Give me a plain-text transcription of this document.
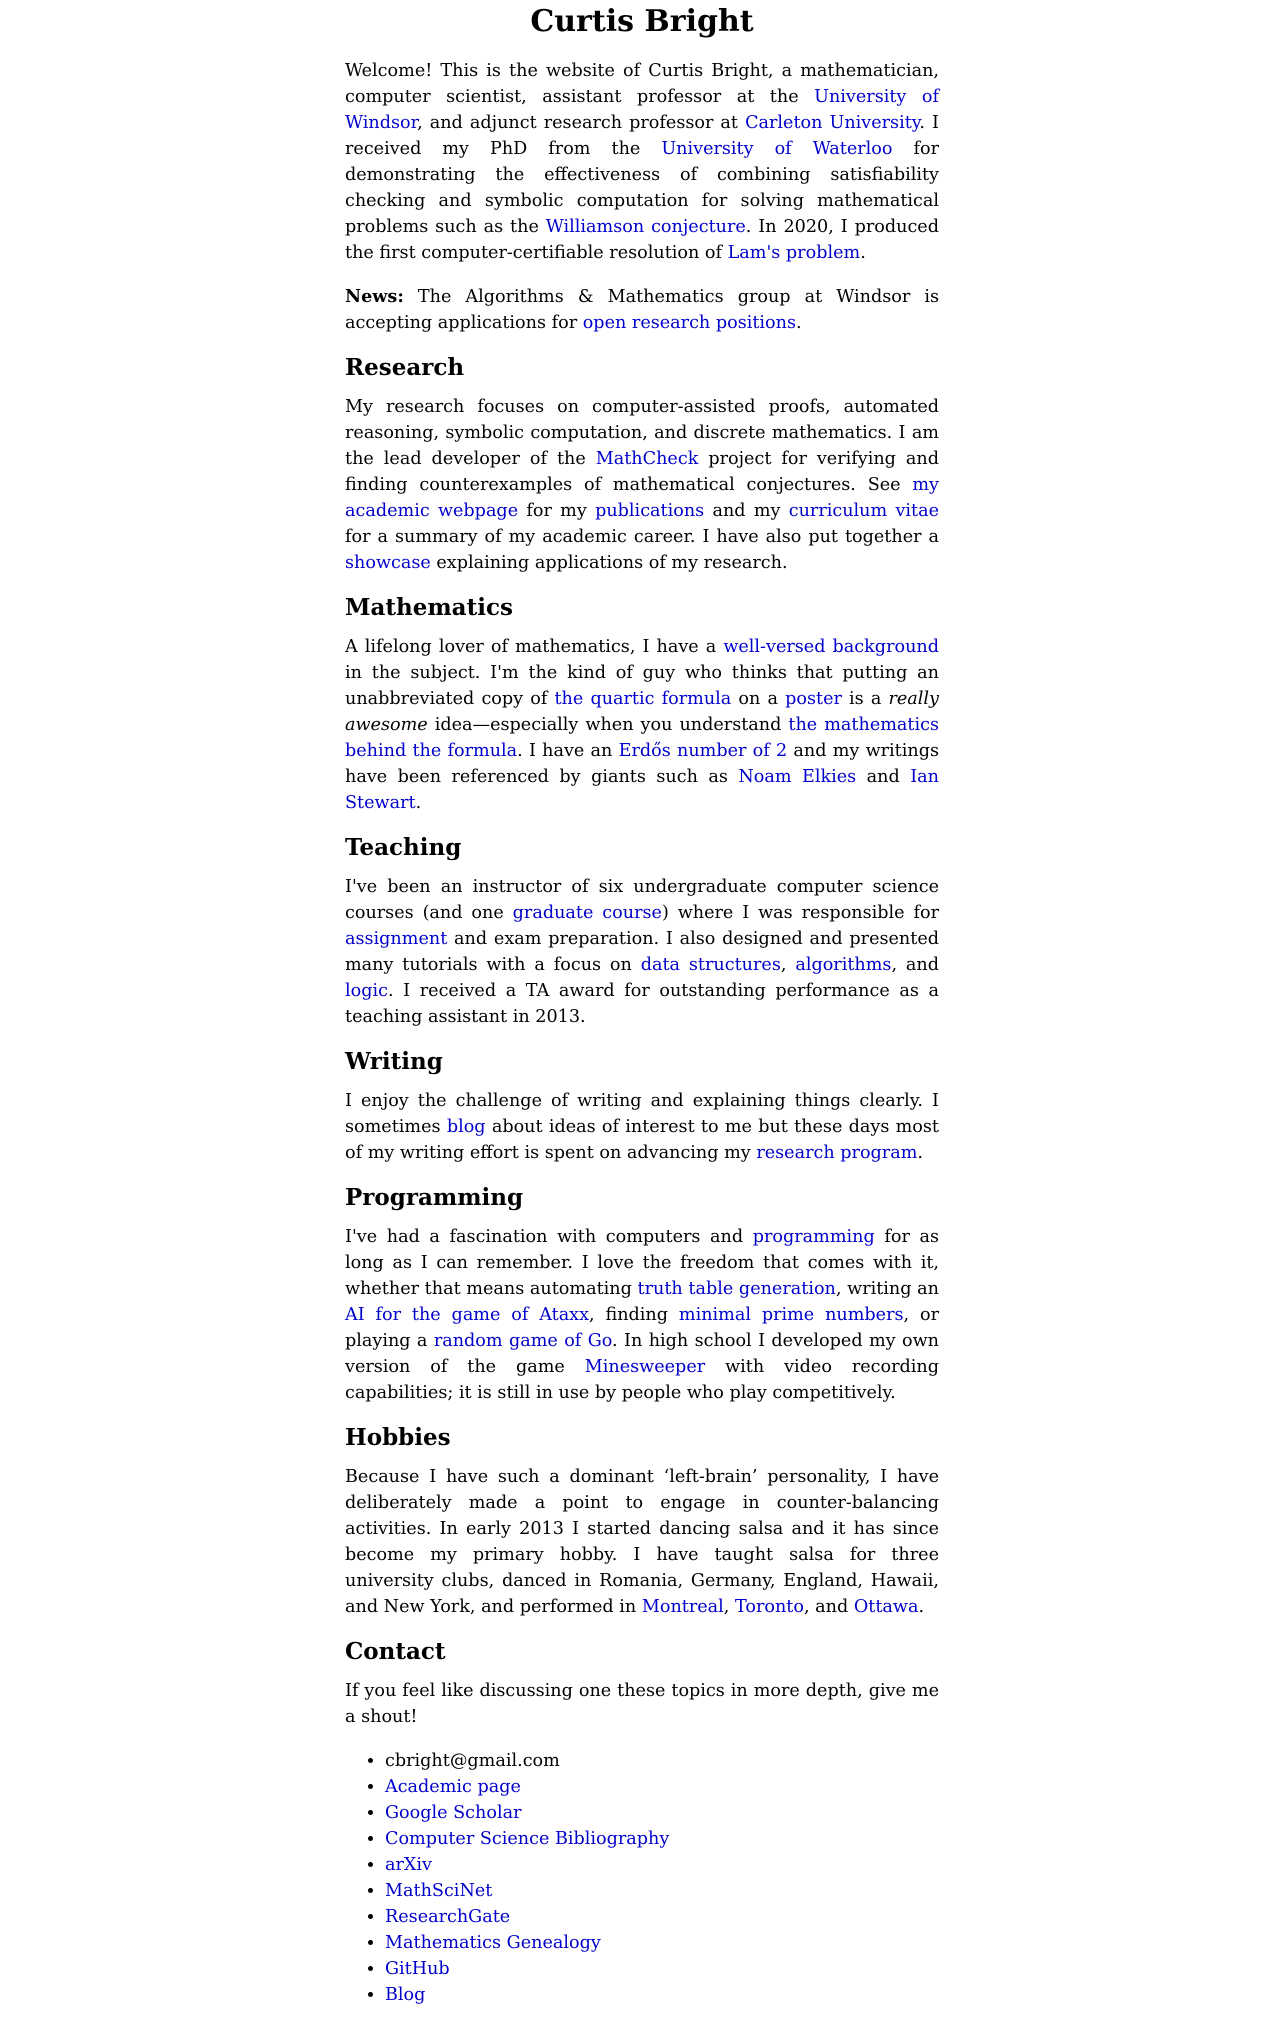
Curtis Bright

Welcome! This is the website of Curtis Bright, a mathematician, computer scientist, assistant professor at the University of Windsor, and adjunct research professor at Carleton University. I received my PhD from the University of Waterloo for demonstrating the effectiveness of combining satisfiability checking and symbolic computation for solving mathematical problems such as the Williamson conjecture. In 2020, I produced the first computer-certifiable resolution of Lam's problem.

News: The Algorithms & Mathematics group at Windsor is accepting applications for open research positions.

Research

My research focuses on computer-assisted proofs, automated reasoning, symbolic computation, and discrete mathematics. I am the lead developer of the MathCheck project for verifying and finding counterexamples of mathematical conjectures. See my academic webpage for my publications and my curriculum vitae for a summary of my academic career. I have also put together a showcase explaining applications of my research.

Mathematics

A lifelong lover of mathematics, I have a well-versed background in the subject. I'm the kind of guy who thinks that putting an unabbreviated copy of the quartic formula on a poster is a really awesome idea—especially when you understand the mathematics behind the formula. I have an Erdős number of 2 and my writings have been referenced by giants such as Noam Elkies and Ian Stewart.

Teaching

I've been an instructor of six undergraduate computer science courses (and one graduate course) where I was responsible for assignment and exam preparation. I also designed and presented many tutorials with a focus on data structures, algorithms, and logic. I received a TA award for outstanding performance as a teaching assistant in 2013.

Writing

I enjoy the challenge of writing and explaining things clearly. I sometimes blog about ideas of interest to me but these days most of my writing effort is spent on advancing my research program.

Programming

I've had a fascination with computers and programming for as long as I can remember. I love the freedom that comes with it, whether that means automating truth table generation, writing an AI for the game of Ataxx, finding minimal prime numbers, or playing a random game of Go. In high school I developed my own version of the game Minesweeper with video recording capabilities; it is still in use by people who play competitively.

Hobbies

Because I have such a dominant ‘left-brain’ personality, I have deliberately made a point to engage in counter-balancing activities. In early 2013 I started dancing salsa and it has since become my primary hobby. I have taught salsa for three university clubs, danced in Romania, Germany, England, Hawaii, and New York, and performed in Montreal, Toronto, and Ottawa.

Contact

If you feel like discussing one these topics in more depth, give me a shout!

• cbright@gmail.com
• Academic page
• Google Scholar
• Computer Science Bibliography
• arXiv
• MathSciNet
• ResearchGate
• Mathematics Genealogy
• GitHub
• Blog
